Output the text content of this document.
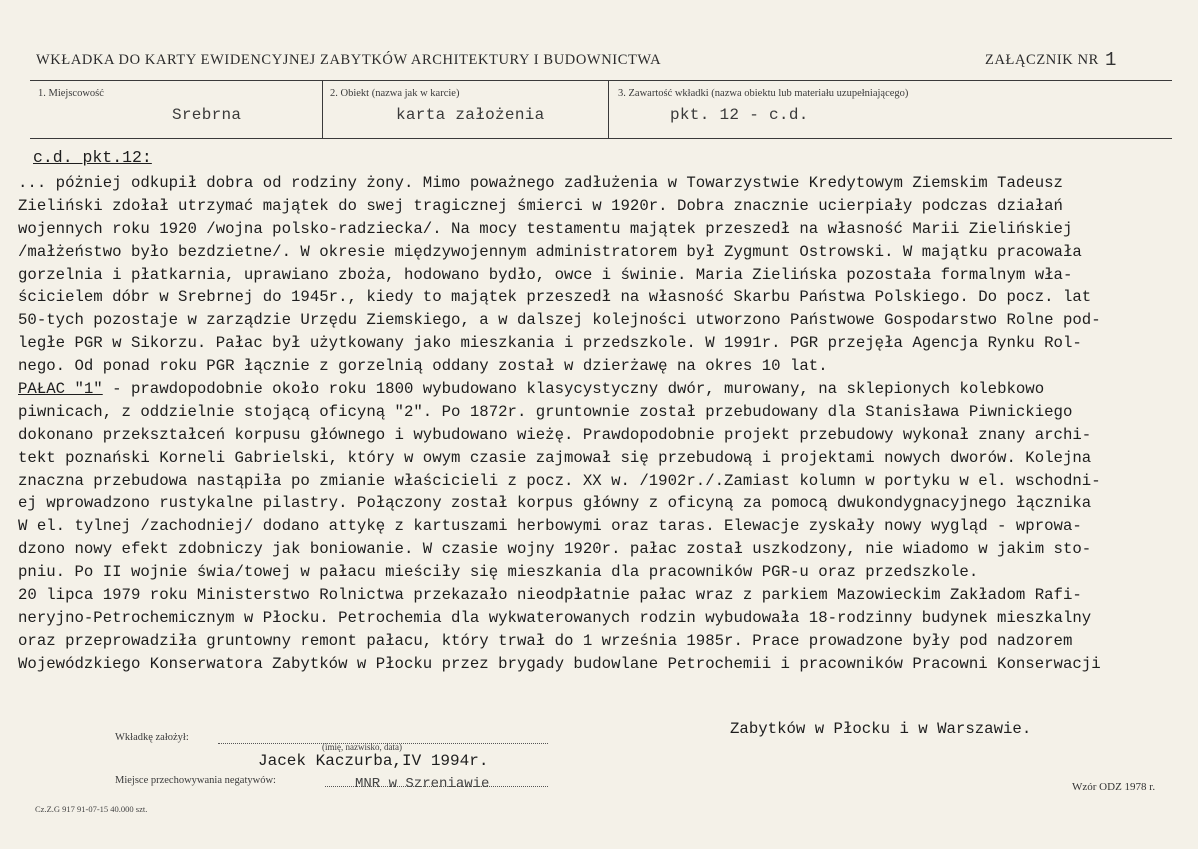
WKŁADKA DO KARTY EWIDENCYJNEJ ZABYTKÓW ARCHITEKTURY I BUDOWNICTWA	ZAŁĄCZNIK NR 1
1. Miejscowość
Srebrna
2. Obiekt (nazwa jak w karcie)
karta założenia
3. Zawartość wkładki (nazwa obiektu lub materiału uzupełniającego)
pkt. 12 - c.d.
c.d. pkt.12:
... póżniej odkupił dobra od rodziny żony. Mimo poważnego zadłużenia w Towarzystwie Kredytowym Ziemskim Tadeusz
Zieliński zdołał utrzymać majątek do swej tragicznej śmierci w 1920r. Dobra znacznie ucierpiały podczas działań
wojennych roku 1920 /wojna polsko-radziecka/. Na mocy testamentu majątek przeszedł na własność Marii Zielińskiej
/małżeństwo było bezdzietne/. W okresie międzywojennym administratorem był Zygmunt Ostrowski. W majątku pracowała
gorzelnia i płatkarnia, uprawiano zboża, hodowano bydło, owce i świnie. Maria Zielińska pozostała formalnym wła-
ścicielem dóbr w Srebrnej do 1945r., kiedy to majątek przeszedł na własność Skarbu Państwa Polskiego. Do pocz. lat
50-tych pozostaje w zarządzie Urzędu Ziemskiego, a w dalszej kolejności utworzono Państwowe Gospodarstwo Rolne pod-
ległe PGR w Sikorzu. Pałac był użytkowany jako mieszkania i przedszkole. W 1991r. PGR przejęła Agencja Rynku Rol-
nego. Od ponad roku PGR łącznie z gorzelnią oddany został w dzierżawę na okres 10 lat.
PAŁAC "1" - prawdopodobnie około roku 1800 wybudowano klasycystyczny dwór, murowany, na sklepionych kolebkowo
piwnicach, z oddzielnie stojącą oficyną "2". Po 1872r. gruntownie został przebudowany dla Stanisława Piwnickiego
dokonano przekształceń korpusu głównego i wybudowano wieżę. Prawdopodobnie projekt przebudowy wykonał znany archi-
tekt poznański Korneli Gabrielski, który w owym czasie zajmował się przebudową i projektami nowych dworów. Kolejna
znaczna przebudowa nastąpiła po zmianie właścicieli z pocz. XX w. /1902r./.Zamiast kolumn w portyku w el. wschodni-
ej wprowadzono rustykalne pilastry. Połączony został korpus główny z oficyną za pomocą dwukondygnacyjnego łącznika
W el. tylnej /zachodniej/ dodano attykę z kartuszami herbowymi oraz taras. Elewacje zyskały nowy wygląd - wprowa-
dzono nowy efekt zdobniczy jak boniowanie. W czasie wojny 1920r. pałac został uszkodzony, nie wiadomo w jakim sto-
pniu. Po II wojnie świa/towej w pałacu mieściły się mieszkania dla pracowników PGR-u oraz przedszkole.
20 lipca 1979 roku Ministerstwo Rolnictwa przekazało nieodpłatnie pałac wraz z parkiem Mazowieckim Zakładom Rafi-
neryjno-Petrochemicznym w Płocku. Petrochemia dla wykwaterowanych rodzin wybudowała 18-rodzinny budynek mieszkalny
oraz przeprowadziła gruntowny remont pałacu, który trwał do 1 września 1985r. Prace prowadzone były pod nadzorem
Wojewódzkiego Konserwatora Zabytków w Płocku przez brygady budowlane Petrochemii i pracowników Pracowni Konserwacji
Zabytków w Płocku i w Warszawie.
Wkładkę założył:
(imię, nazwisko, data)
Jacek Kaczurba,IV 1994r.
Miejsce przechowywania negatywów:	MNR w Szreniawie	Wzór ODZ 1978 r.
Cz.Z.G 917 91-07-15 40.000 szt.
